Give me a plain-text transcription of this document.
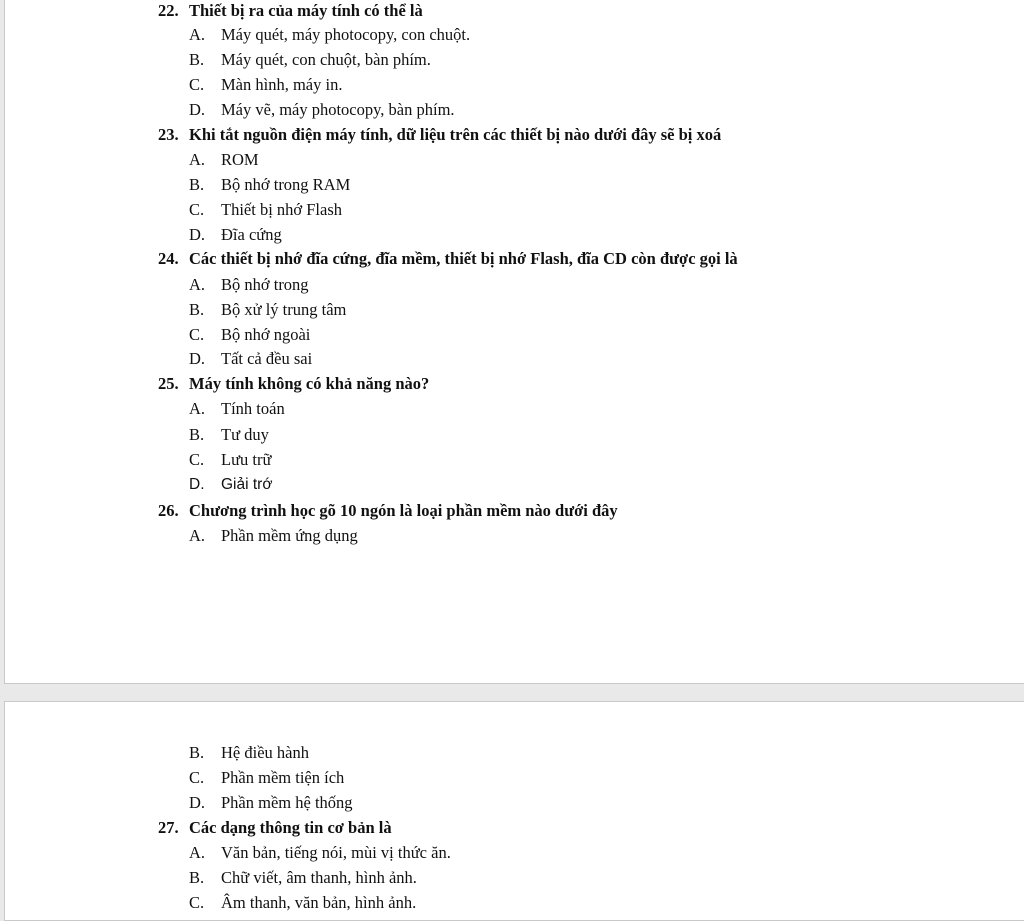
22. Thiết bị ra của máy tính có thể là
A. Máy quét, máy photocopy, con chuột.
B. Máy quét, con chuột, bàn phím.
C. Màn hình, máy in.
D. Máy vẽ, máy photocopy, bàn phím.
23. Khi tắt nguồn điện máy tính, dữ liệu trên các thiết bị nào dưới đây sẽ bị xoá
A. ROM
B. Bộ nhớ trong RAM
C. Thiết bị nhớ Flash
D. Đĩa cứng
24. Các thiết bị nhớ đĩa cứng, đĩa mềm, thiết bị nhớ Flash, đĩa CD còn được gọi là
A. Bộ nhớ trong
B. Bộ xử lý trung tâm
C. Bộ nhớ ngoài
D. Tất cả đều sai
25. Máy tính không có khả năng nào?
A. Tính toán
B. Tư duy
C. Lưu trữ
D. Giải trớ
26. Chương trình học gõ 10 ngón là loại phần mềm nào dưới đây
A. Phần mềm ứng dụng
B. Hệ điều hành
C. Phần mềm tiện ích
D. Phần mềm hệ thống
27. Các dạng thông tin cơ bản là
A. Văn bản, tiếng nói, mùi vị thức ăn.
B. Chữ viết, âm thanh, hình ảnh.
C. Âm thanh, văn bản, hình ảnh.
